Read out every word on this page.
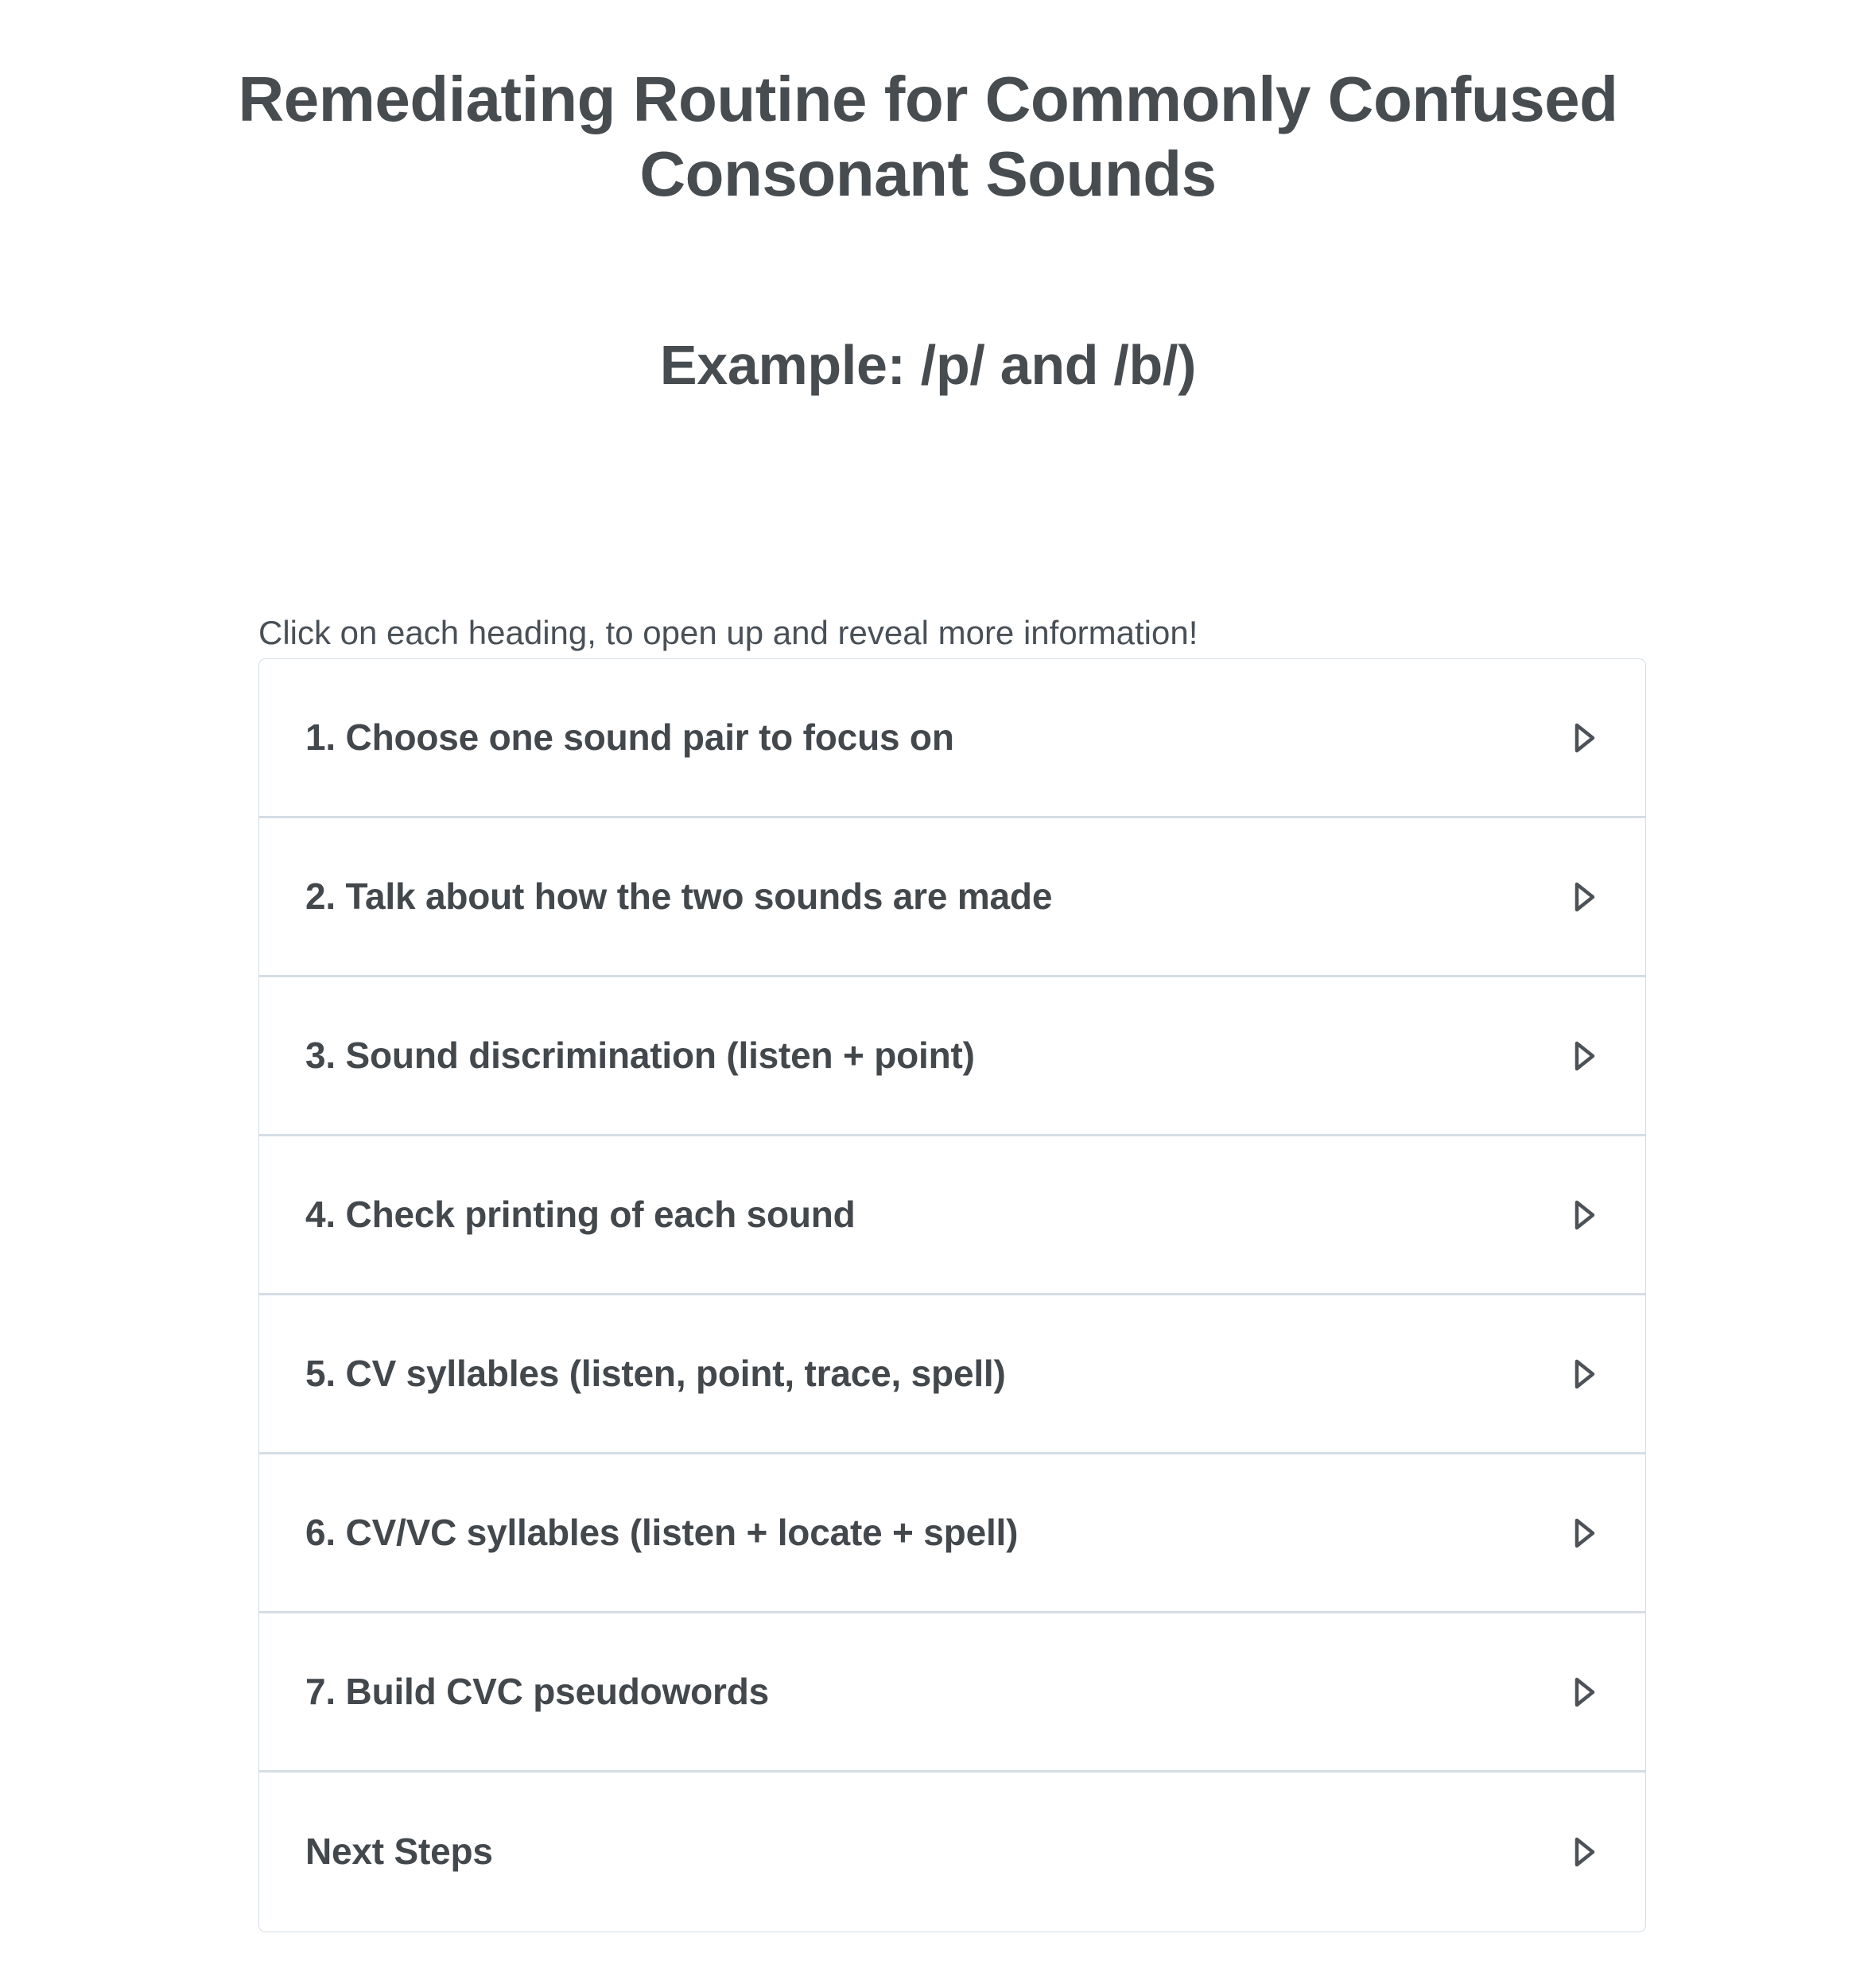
Remediating Routine for Commonly Confused Consonant Sounds
Example: /p/ and /b/)

Click on each heading, to open up and reveal more information!

1. Choose one sound pair to focus on
2. Talk about how the two sounds are made
3. Sound discrimination (listen + point)
4. Check printing of each sound
5. CV syllables (listen, point, trace, spell)
6. CV/VC syllables (listen + locate + spell)
7. Build CVC pseudowords
Next Steps
